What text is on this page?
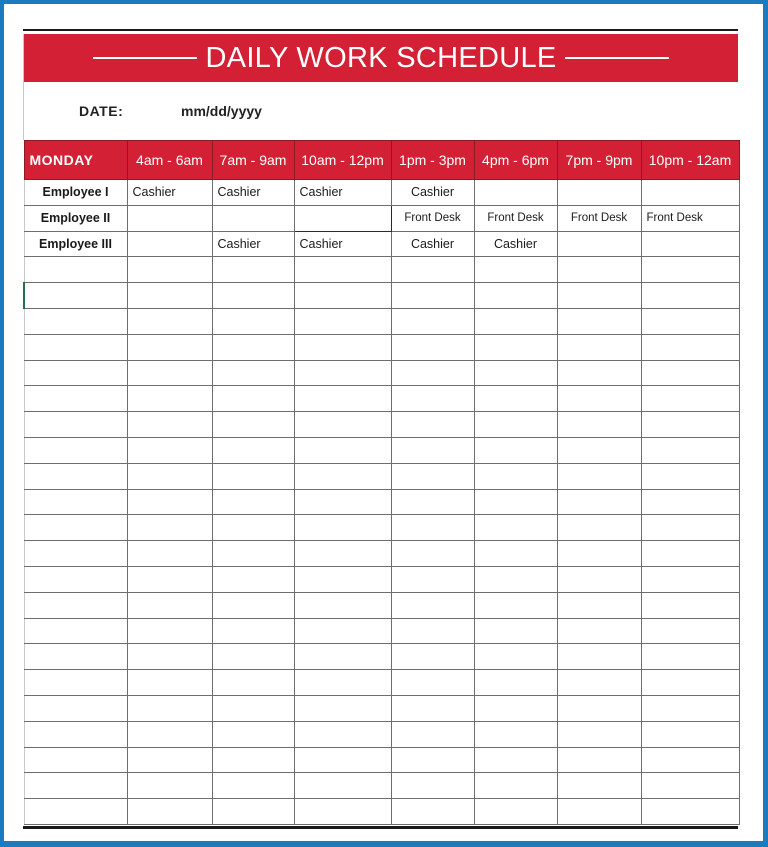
DAILY WORK SCHEDULE
DATE:	mm/dd/yyyy
MONDAY	4am - 6am	7am - 9am	10am - 12pm	1pm - 3pm	4pm - 6pm	7pm - 9pm	10pm - 12am
Employee I	Cashier	Cashier	Cashier	Cashier			
Employee II				Front Desk	Front Desk	Front Desk	Front Desk
Employee III		Cashier	Cashier	Cashier	Cashier		
